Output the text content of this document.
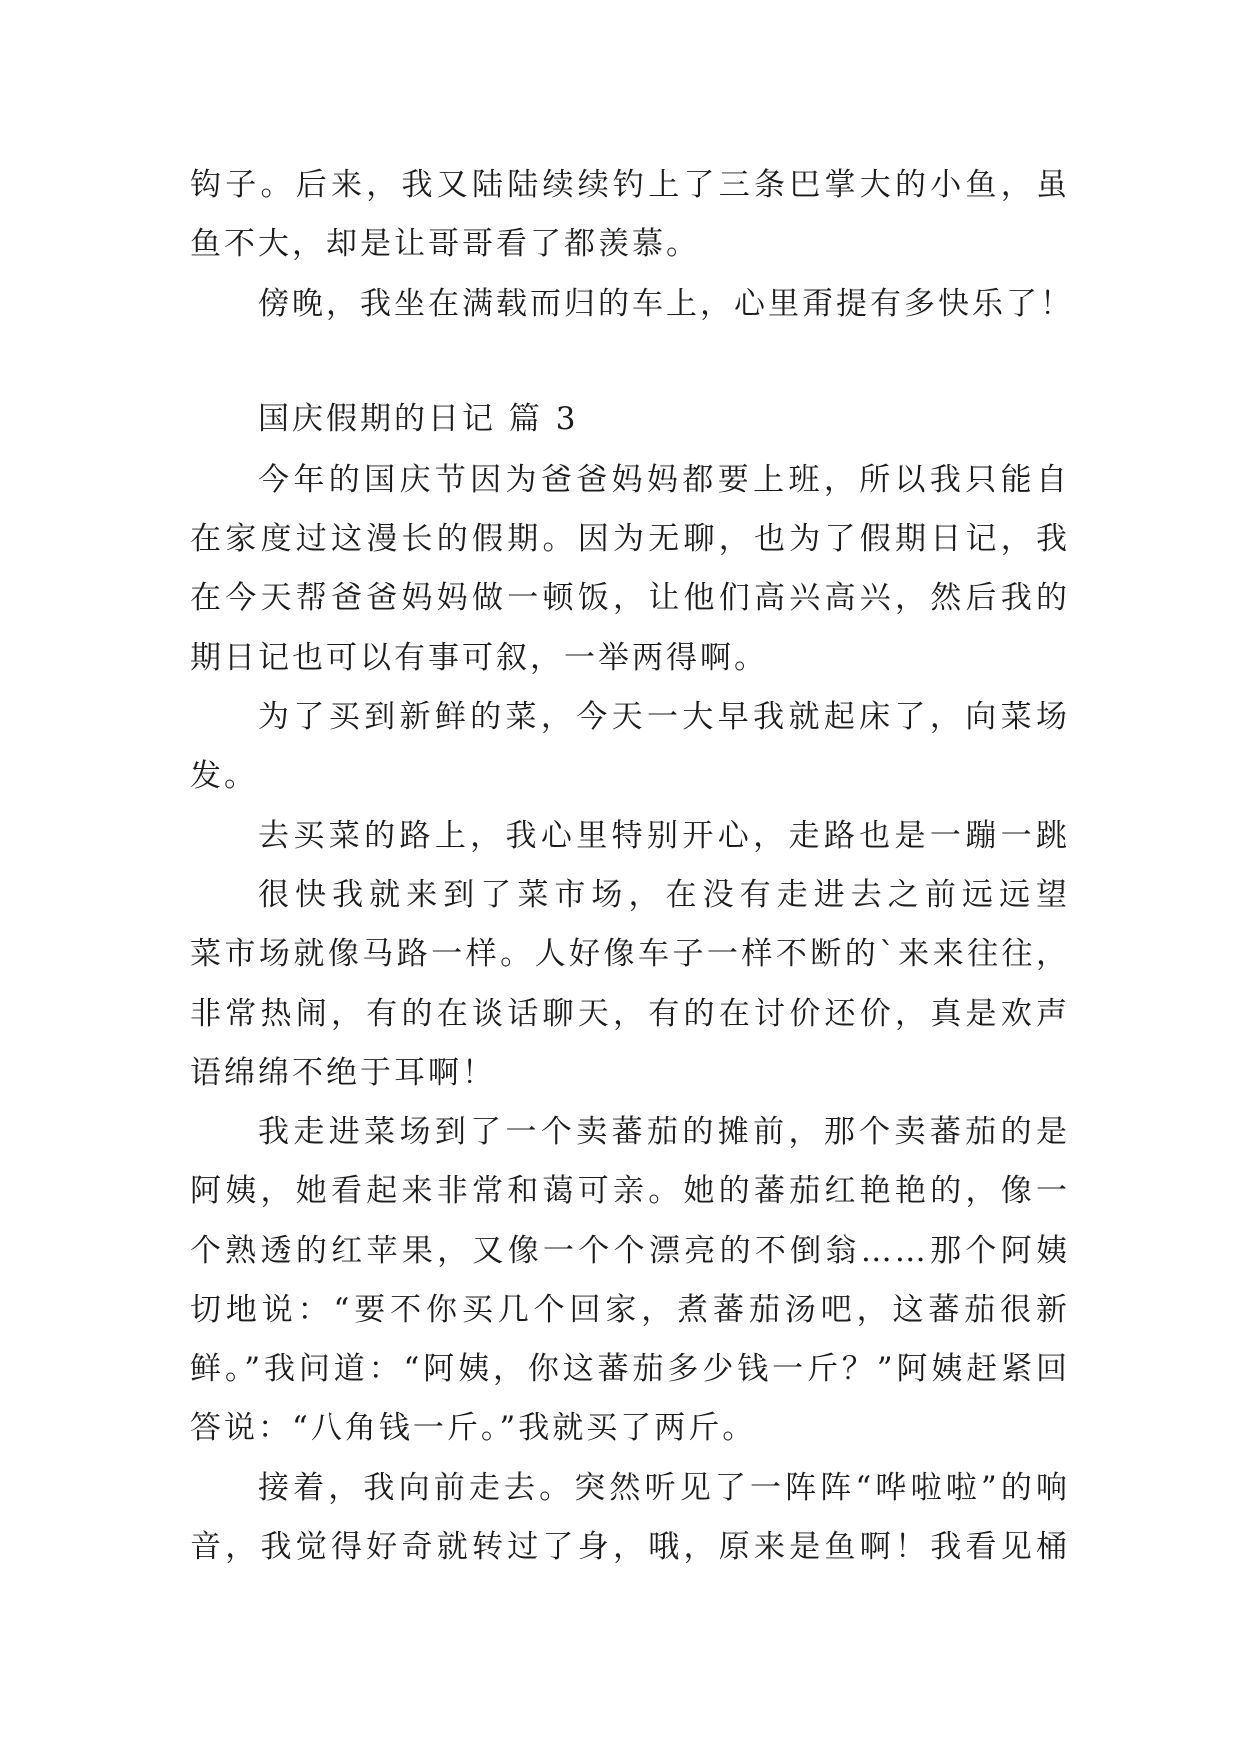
钩子。后来，我又陆陆续续钓上了三条巴掌大的小鱼，虽
鱼不大，却是让哥哥看了都羡慕。
傍晚，我坐在满载而归的车上，心里甭提有多快乐了！
国庆假期的日记 篇 3
今年的国庆节因为爸爸妈妈都要上班，所以我只能自
在家度过这漫长的假期。因为无聊，也为了假期日记，我
在今天帮爸爸妈妈做一顿饭，让他们高兴高兴，然后我的
期日记也可以有事可叙，一举两得啊。
为了买到新鲜的菜，今天一大早我就起床了，向菜场
发。
去买菜的路上，我心里特别开心，走路也是一蹦一跳
很快我就来到了菜市场，在没有走进去之前远远望
菜市场就像马路一样。人好像车子一样不断的`来来往往，
非常热闹，有的在谈话聊天，有的在讨价还价，真是欢声
语绵绵不绝于耳啊！
我走进菜场到了一个卖蕃茄的摊前，那个卖蕃茄的是
阿姨，她看起来非常和蔼可亲。她的蕃茄红艳艳的，像一
个熟透的红苹果，又像一个个漂亮的不倒翁……那个阿姨
切地说：“要不你买几个回家，煮蕃茄汤吧，这蕃茄很新
鲜。”我问道：“阿姨，你这蕃茄多少钱一斤？”阿姨赶紧回
答说：“八角钱一斤。”我就买了两斤。
接着，我向前走去。突然听见了一阵阵“哗啦啦”的响
音，我觉得好奇就转过了身，哦，原来是鱼啊！我看见桶
